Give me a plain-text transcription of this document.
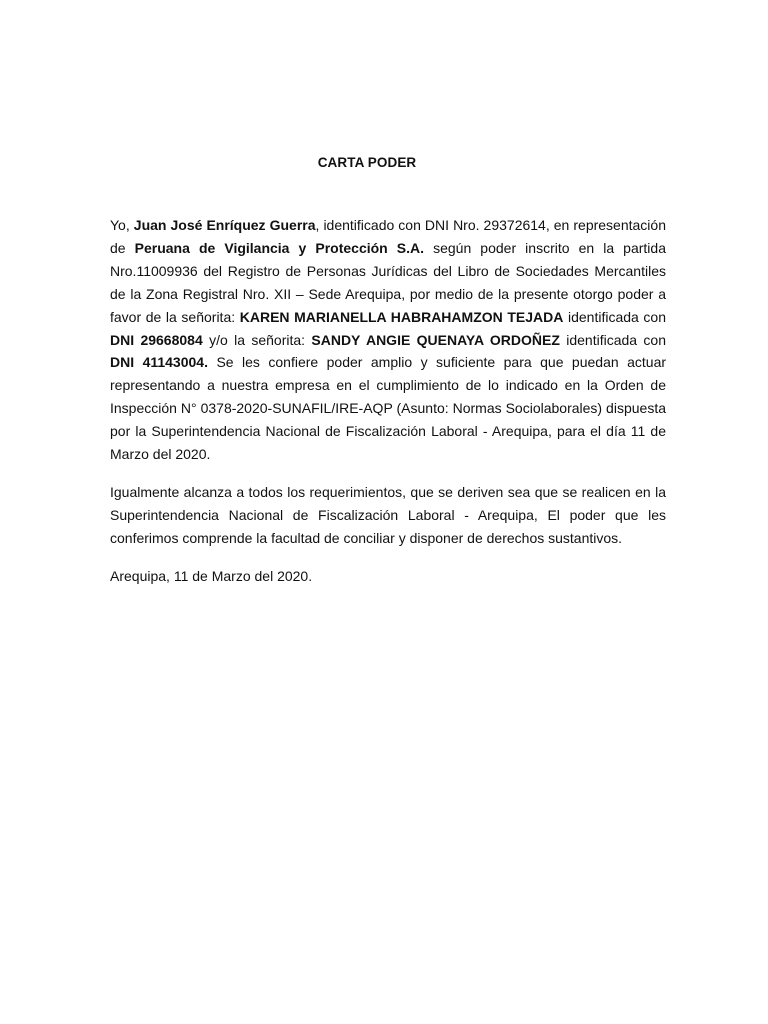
CARTA PODER

Yo, Juan José Enríquez Guerra, identificado con DNI Nro. 29372614, en representación de Peruana de Vigilancia y Protección S.A. según poder inscrito en la partida Nro.11009936 del Registro de Personas Jurídicas del Libro de Sociedades Mercantiles de la Zona Registral Nro. XII – Sede Arequipa, por medio de la presente otorgo poder a favor de la señorita: KAREN MARIANELLA HABRAHAMZON TEJADA identificada con DNI 29668084 y/o la señorita: SANDY ANGIE QUENAYA ORDOÑEZ identificada con DNI 41143004. Se les confiere poder amplio y suficiente para que puedan actuar representando a nuestra empresa en el cumplimiento de lo indicado en la Orden de Inspección N° 0378-2020-SUNAFIL/IRE-AQP (Asunto: Normas Sociolaborales) dispuesta por la Superintendencia Nacional de Fiscalización Laboral - Arequipa, para el día 11 de Marzo del 2020.

Igualmente alcanza a todos los requerimientos, que se deriven sea que se realicen en la Superintendencia Nacional de Fiscalización Laboral - Arequipa, El poder que les conferimos comprende la facultad de conciliar y disponer de derechos sustantivos.

Arequipa, 11 de Marzo del 2020.
